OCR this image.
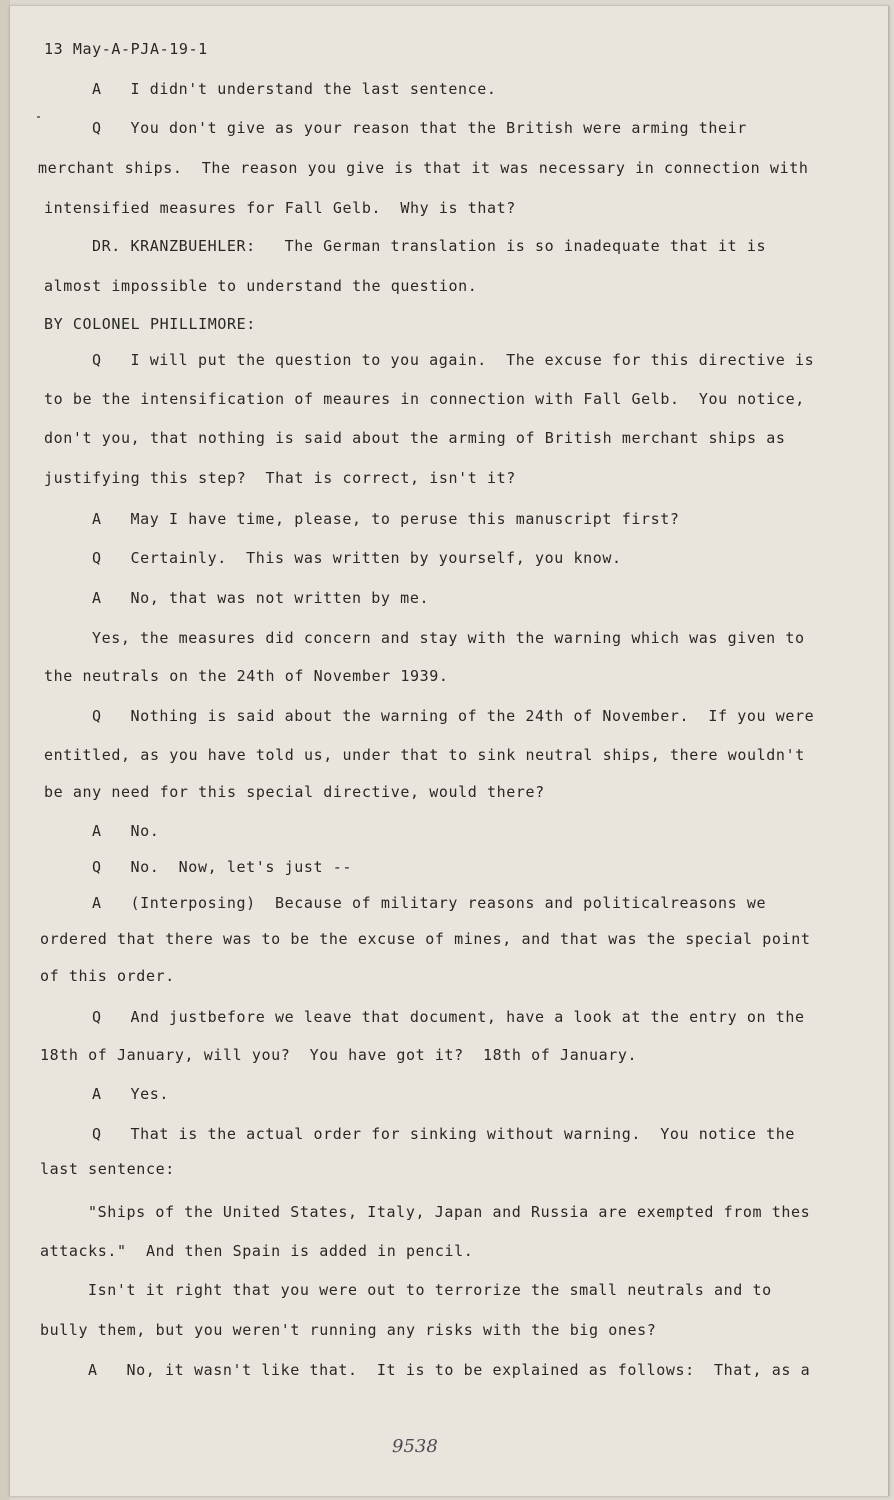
13 May-A-PJA-19-1

A   I didn't understand the last sentence.

Q   You don't give as your reason that the British were arming their

merchant ships.  The reason you give is that it was necessary in connection with

intensified measures for Fall Gelb.  Why is that?

DR. KRANZBUEHLER:   The German translation is so inadequate that it is

almost impossible to understand the question.

BY COLONEL PHILLIMORE:

Q   I will put the question to you again.  The excuse for this directive is

to be the intensification of meaures in connection with Fall Gelb.  You notice,

don't you, that nothing is said about the arming of British merchant ships as

justifying this step?  That is correct, isn't it?

A   May I have time, please, to peruse this manuscript first?

Q   Certainly.  This was written by yourself, you know.

A   No, that was not written by me.

Yes, the measures did concern and stay with the warning which was given to

the neutrals on the 24th of November 1939.

Q   Nothing is said about the warning of the 24th of November.  If you were

entitled, as you have told us, under that to sink neutral ships, there wouldn't

be any need for this special directive, would there?

A   No.

Q   No.  Now, let's just --

A   (Interposing)  Because of military reasons and politicalreasons we

ordered that there was to be the excuse of mines, and that was the special point

of this order.

Q   And justbefore we leave that document, have a look at the entry on the

18th of January, will you?  You have got it?  18th of January.

A   Yes.

Q   That is the actual order for sinking without warning.  You notice the

last sentence:

"Ships of the United States, Italy, Japan and Russia are exempted from thes

attacks."  And then Spain is added in pencil.

Isn't it right that you were out to terrorize the small neutrals and to

bully them, but you weren't running any risks with the big ones?

A   No, it wasn't like that.  It is to be explained as follows:  That, as a

9538
